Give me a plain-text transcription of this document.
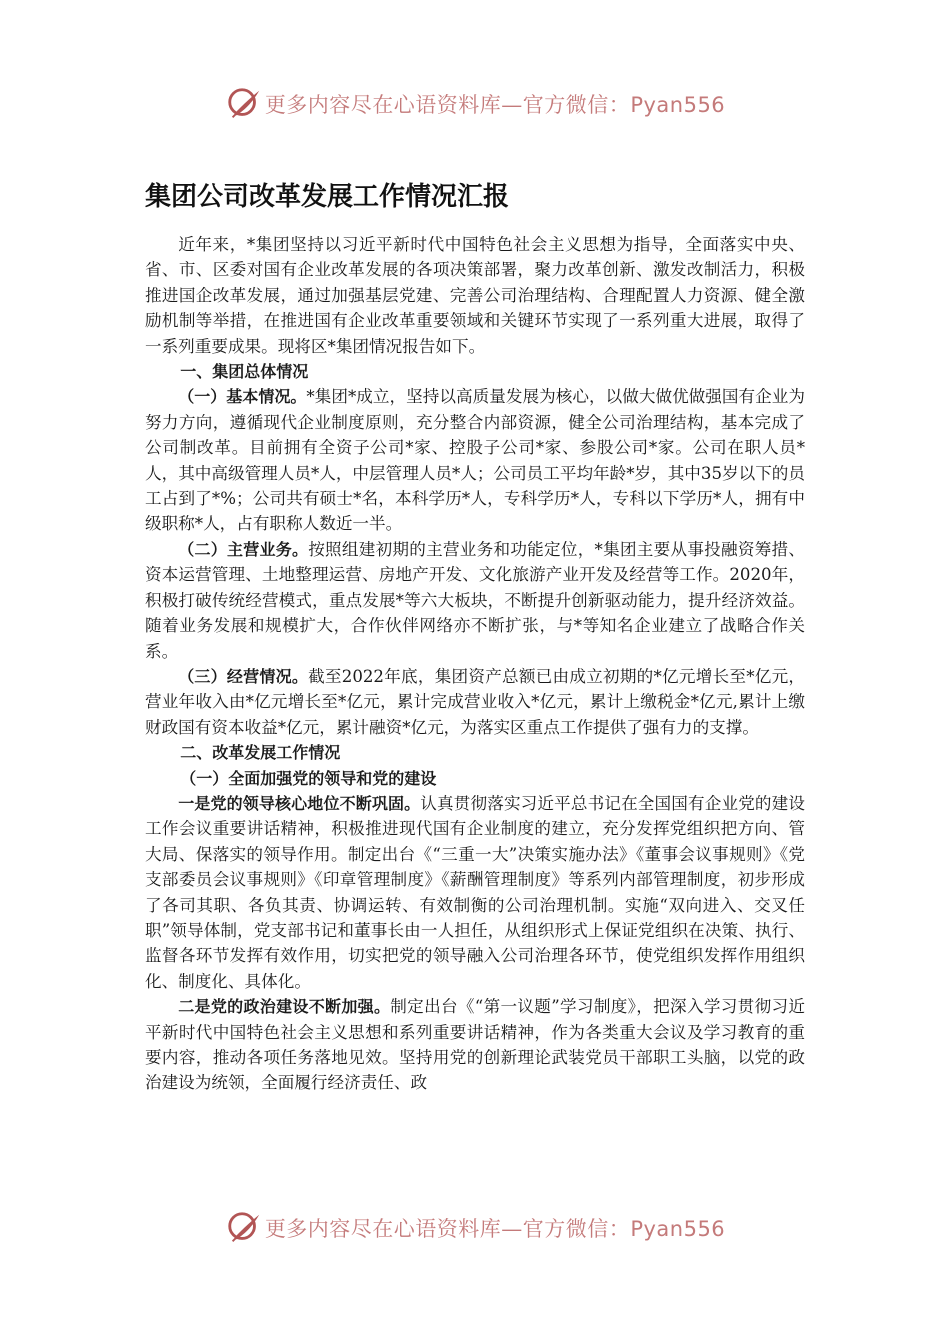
更多内容尽在心语资料库—官方微信：Pyan556
集团公司改革发展工作情况汇报

近年来，*集团坚持以习近平新时代中国特色社会主义思想为指导，全面落实中央、省、市、区委对国有企业改革发展的各项决策部署，聚力改革创新、激发改制活力，积极推进国企改革发展，通过加强基层党建、完善公司治理结构、合理配置人力资源、健全激励机制等举措，在推进国有企业改革重要领域和关键环节实现了一系列重大进展，取得了一系列重要成果。现将区*集团情况报告如下。

一、集团总体情况

（一）基本情况。*集团*成立，坚持以高质量发展为核心，以做大做优做强国有企业为努力方向，遵循现代企业制度原则，充分整合内部资源，健全公司治理结构，基本完成了公司制改革。目前拥有全资子公司*家、控股子公司*家、参股公司*家。公司在职人员*人，其中高级管理人员*人，中层管理人员*人；公司员工平均年龄*岁，其中35岁以下的员工占到了*%；公司共有硕士*名，本科学历*人，专科学历*人，专科以下学历*人，拥有中级职称*人，占有职称人数近一半。

（二）主营业务。按照组建初期的主营业务和功能定位，*集团主要从事投融资筹措、资本运营管理、土地整理运营、房地产开发、文化旅游产业开发及经营等工作。2020年，积极打破传统经营模式，重点发展*等六大板块，不断提升创新驱动能力，提升经济效益。随着业务发展和规模扩大，合作伙伴网络亦不断扩张，与*等知名企业建立了战略合作关系。

（三）经营情况。截至2022年底，集团资产总额已由成立初期的*亿元增长至*亿元，营业年收入由*亿元增长至*亿元，累计完成营业收入*亿元，累计上缴税金*亿元,累计上缴财政国有资本收益*亿元，累计融资*亿元，为落实区重点工作提供了强有力的支撑。

二、改革发展工作情况

（一）全面加强党的领导和党的建设

一是党的领导核心地位不断巩固。认真贯彻落实习近平总书记在全国国有企业党的建设工作会议重要讲话精神，积极推进现代国有企业制度的建立，充分发挥党组织把方向、管大局、保落实的领导作用。制定出台《“三重一大”决策实施办法》《董事会议事规则》《党支部委员会议事规则》《印章管理制度》《薪酬管理制度》等系列内部管理制度，初步形成了各司其职、各负其责、协调运转、有效制衡的公司治理机制。实施“双向进入、交叉任职”领导体制，党支部书记和董事长由一人担任，从组织形式上保证党组织在决策、执行、监督各环节发挥有效作用，切实把党的领导融入公司治理各环节，使党组织发挥作用组织化、制度化、具体化。

二是党的政治建设不断加强。制定出台《“第一议题”学习制度》，把深入学习贯彻习近平新时代中国特色社会主义思想和系列重要讲话精神，作为各类重大会议及学习教育的重要内容，推动各项任务落地见效。坚持用党的创新理论武装党员干部职工头脑，以党的政治建设为统领，全面履行经济责任、政

更多内容尽在心语资料库—官方微信：Pyan556
